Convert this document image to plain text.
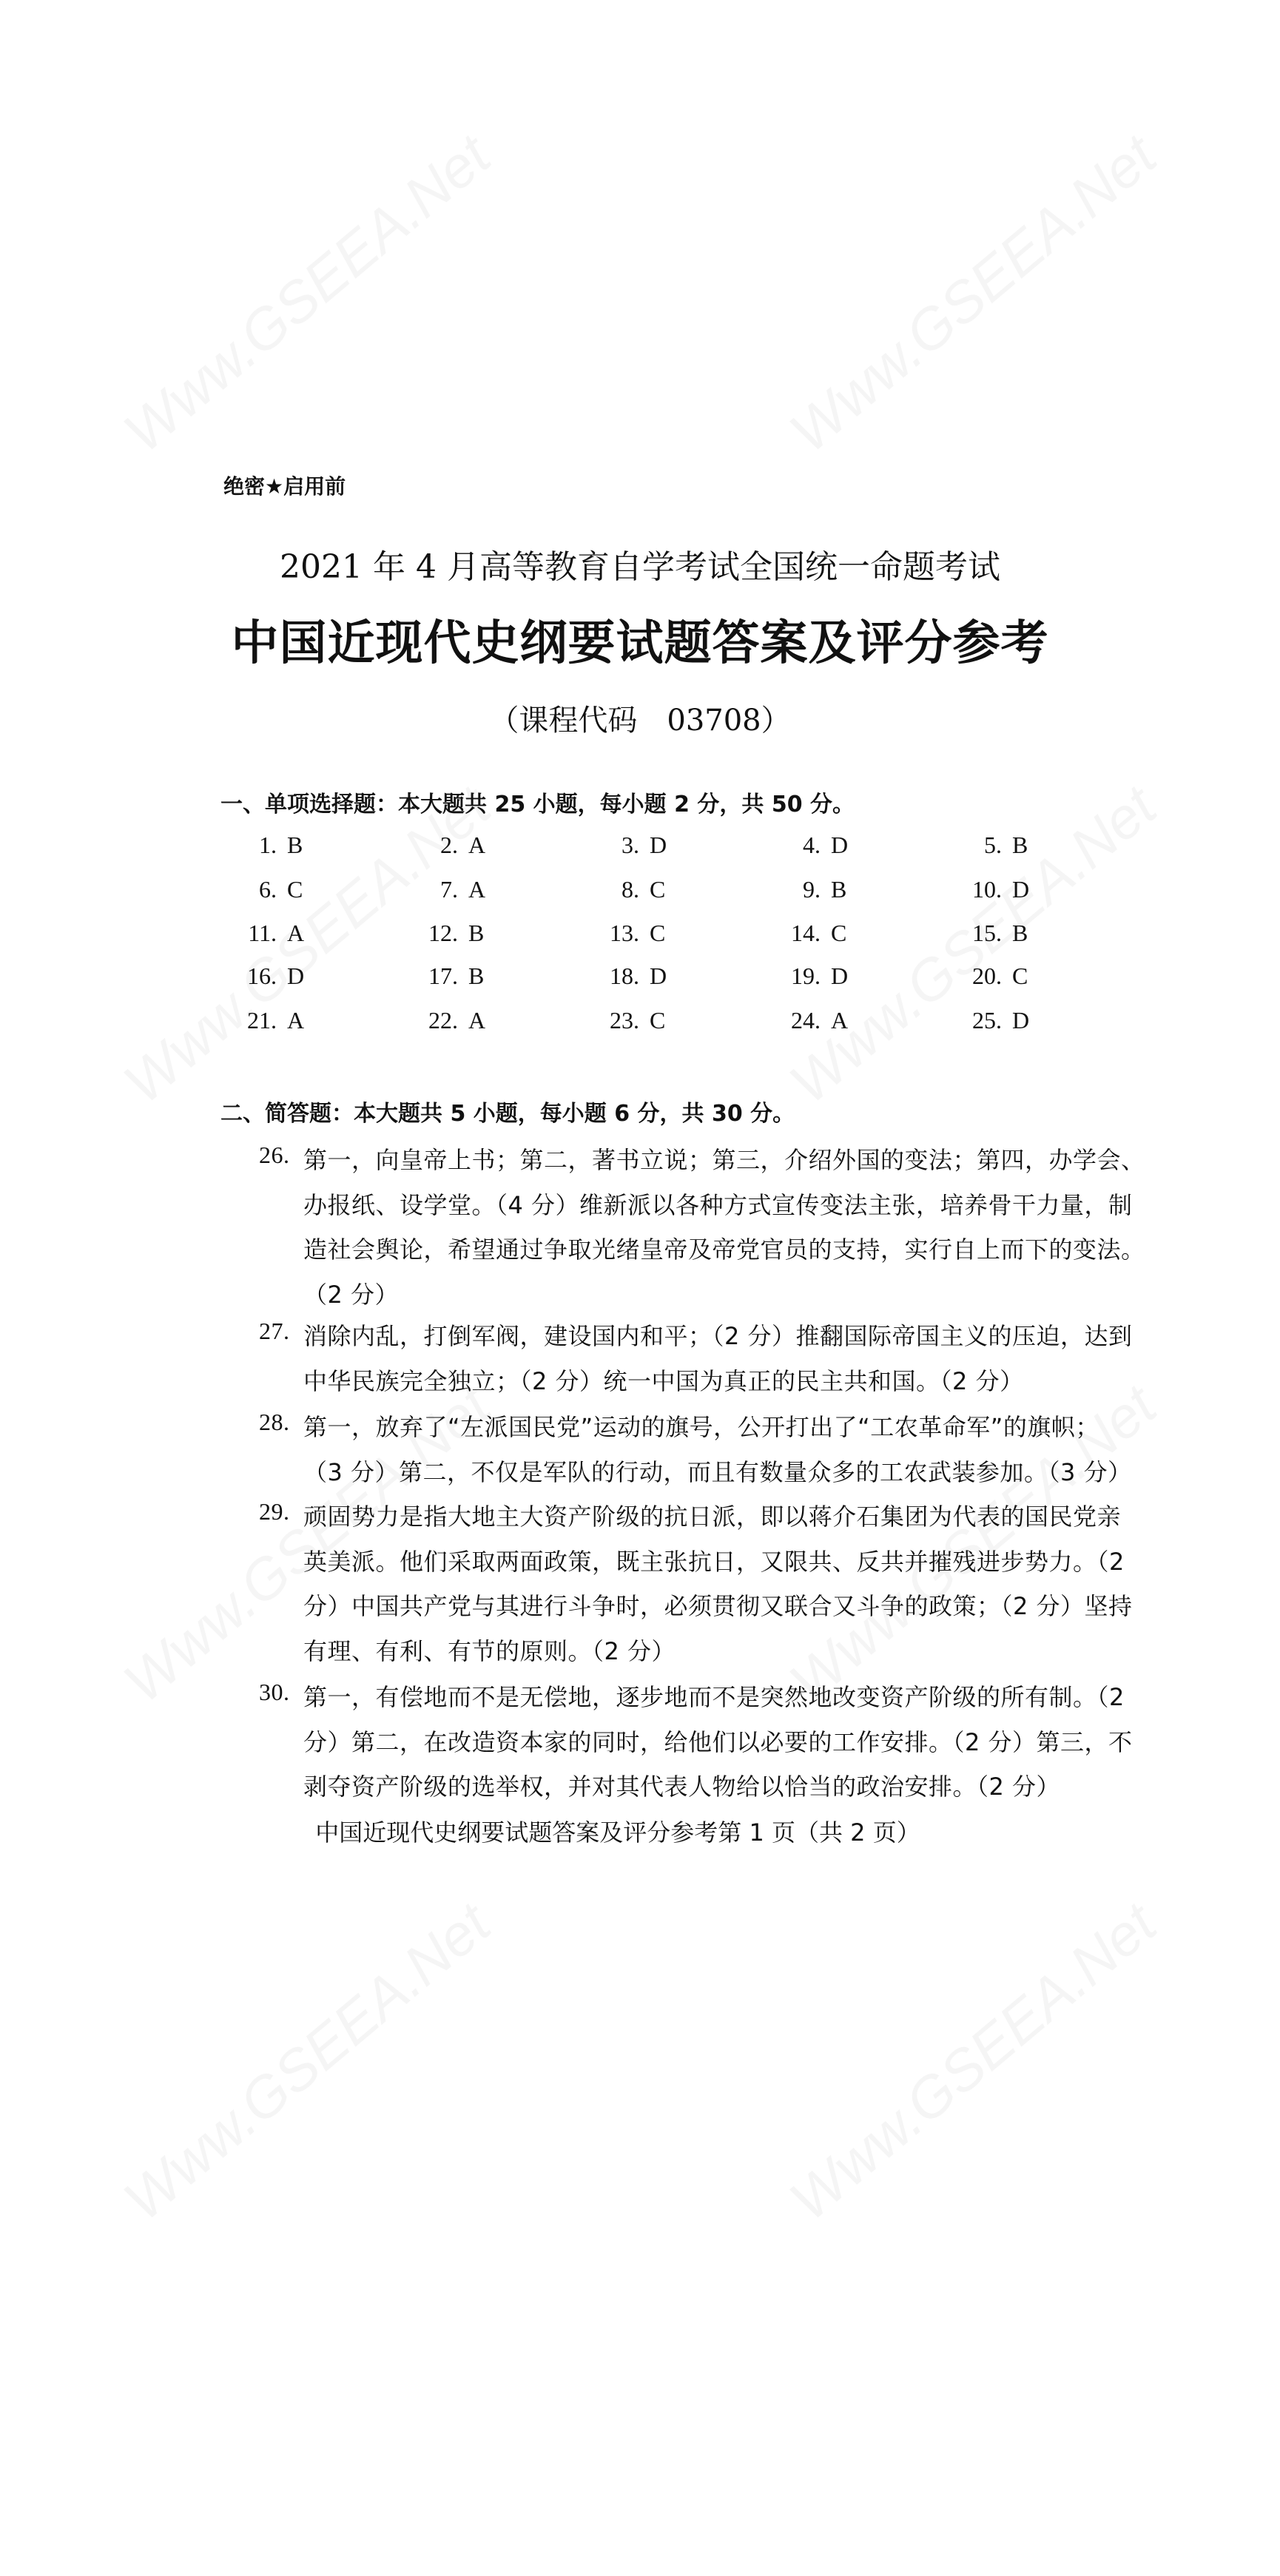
绝密★启用前
2021 年 4 月高等教育自学考试全国统一命题考试
中国近现代史纲要试题答案及评分参考
（课程代码　03708）
一、单项选择题：本大题共 25 小题，每小题 2 分，共 50 分。
1. B	2. A	3. D	4. D	5. B
6. C	7. A	8. C	9. B	10. D
11. A	12. B	13. C	14. C	15. B
16. D	17. B	18. D	19. D	20. C
21. A	22. A	23. C	24. A	25. D
二、简答题：本大题共 5 小题，每小题 6 分，共 30 分。
26. 第一，向皇帝上书；第二，著书立说；第三，介绍外国的变法；第四，办学会、
办报纸、设学堂。（4 分）维新派以各种方式宣传变法主张，培养骨干力量，制
造社会舆论，希望通过争取光绪皇帝及帝党官员的支持，实行自上而下的变法。
（2 分）
27. 消除内乱，打倒军阀，建设国内和平；（2 分）推翻国际帝国主义的压迫，达到
中华民族完全独立；（2 分）统一中国为真正的民主共和国。（2 分）
28. 第一，放弃了“左派国民党”运动的旗号，公开打出了“工农革命军”的旗帜；
（3 分）第二，不仅是军队的行动，而且有数量众多的工农武装参加。（3 分）
29. 顽固势力是指大地主大资产阶级的抗日派，即以蒋介石集团为代表的国民党亲
英美派。他们采取两面政策，既主张抗日，又限共、反共并摧残进步势力。（2
分）中国共产党与其进行斗争时，必须贯彻又联合又斗争的政策；（2 分）坚持
有理、有利、有节的原则。（2 分）
30. 第一，有偿地而不是无偿地，逐步地而不是突然地改变资产阶级的所有制。（2
分）第二，在改造资本家的同时，给他们以必要的工作安排。（2 分）第三，不
剥夺资产阶级的选举权，并对其代表人物给以恰当的政治安排。（2 分）
中国近现代史纲要试题答案及评分参考第 1 页（共 2 页）
